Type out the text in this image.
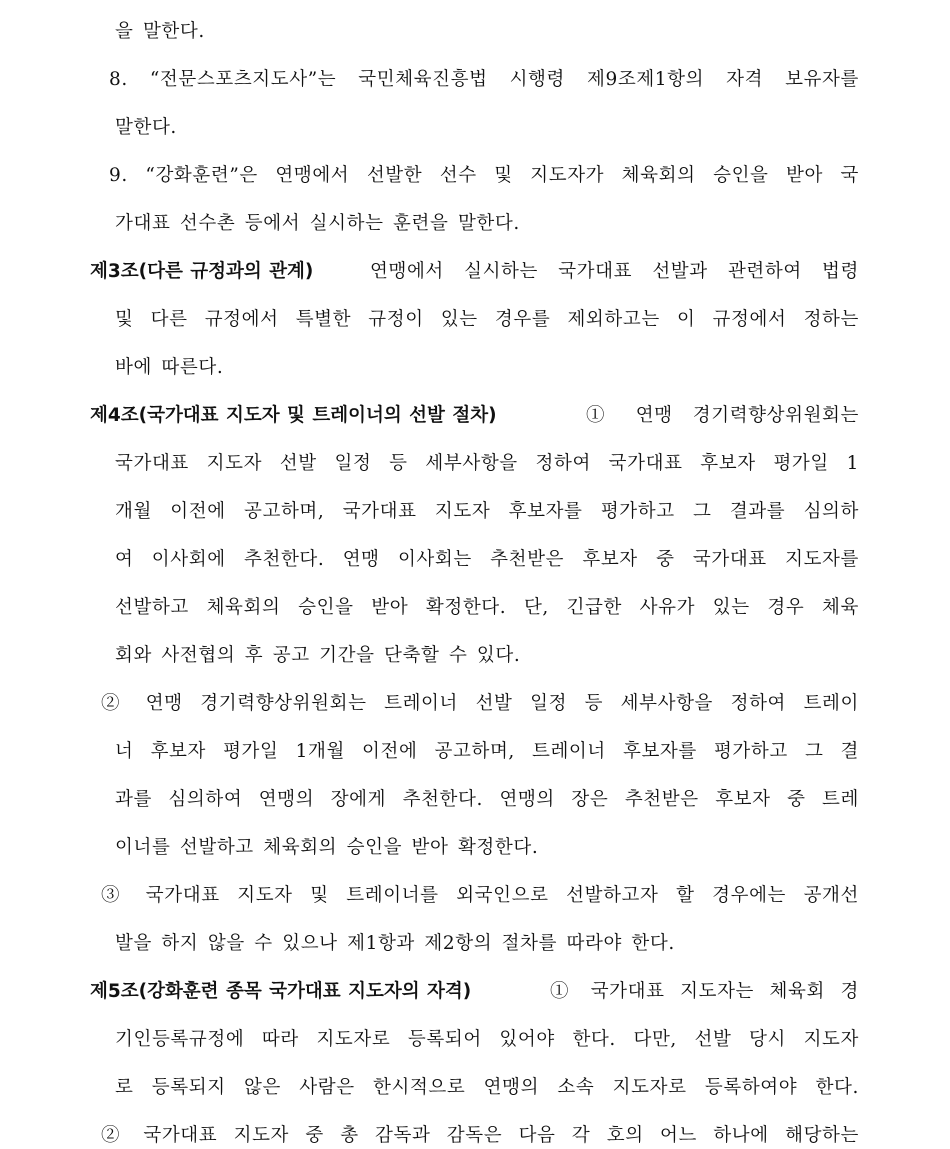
을 말한다.
8. “전문스포츠지도사”는 국민체육진흥법 시행령 제9조제1항의 자격 보유자를
말한다.
9. “강화훈련”은 연맹에서 선발한 선수 및 지도자가 체육회의 승인을 받아 국
가대표 선수촌 등에서 실시하는 훈련을 말한다.
제3조(다른 규정과의 관계)	연맹에서 실시하는 국가대표 선발과 관련하여 법령
및 다른 규정에서 특별한 규정이 있는 경우를 제외하고는 이 규정에서 정하는
바에 따른다.
제4조(국가대표 지도자 및 트레이너의 선발 절차)	① 연맹 경기력향상위원회는
국가대표 지도자 선발 일정 등 세부사항을 정하여 국가대표 후보자 평가일 1
개월 이전에 공고하며, 국가대표 지도자 후보자를 평가하고 그 결과를 심의하
여 이사회에 추천한다. 연맹 이사회는 추천받은 후보자 중 국가대표 지도자를
선발하고 체육회의 승인을 받아 확정한다. 단, 긴급한 사유가 있는 경우 체육
회와 사전협의 후 공고 기간을 단축할 수 있다.
② 연맹 경기력향상위원회는 트레이너 선발 일정 등 세부사항을 정하여 트레이
너 후보자 평가일 1개월 이전에 공고하며, 트레이너 후보자를 평가하고 그 결
과를 심의하여 연맹의 장에게 추천한다. 연맹의 장은 추천받은 후보자 중 트레
이너를 선발하고 체육회의 승인을 받아 확정한다.
③ 국가대표 지도자 및 트레이너를 외국인으로 선발하고자 할 경우에는 공개선
발을 하지 않을 수 있으나 제1항과 제2항의 절차를 따라야 한다.
제5조(강화훈련 종목 국가대표 지도자의 자격)	① 국가대표 지도자는 체육회 경
기인등록규정에 따라 지도자로 등록되어 있어야 한다. 다만, 선발 당시 지도자
로 등록되지 않은 사람은 한시적으로 연맹의 소속 지도자로 등록하여야 한다.
② 국가대표 지도자 중 총 감독과 감독은 다음 각 호의 어느 하나에 해당하는
